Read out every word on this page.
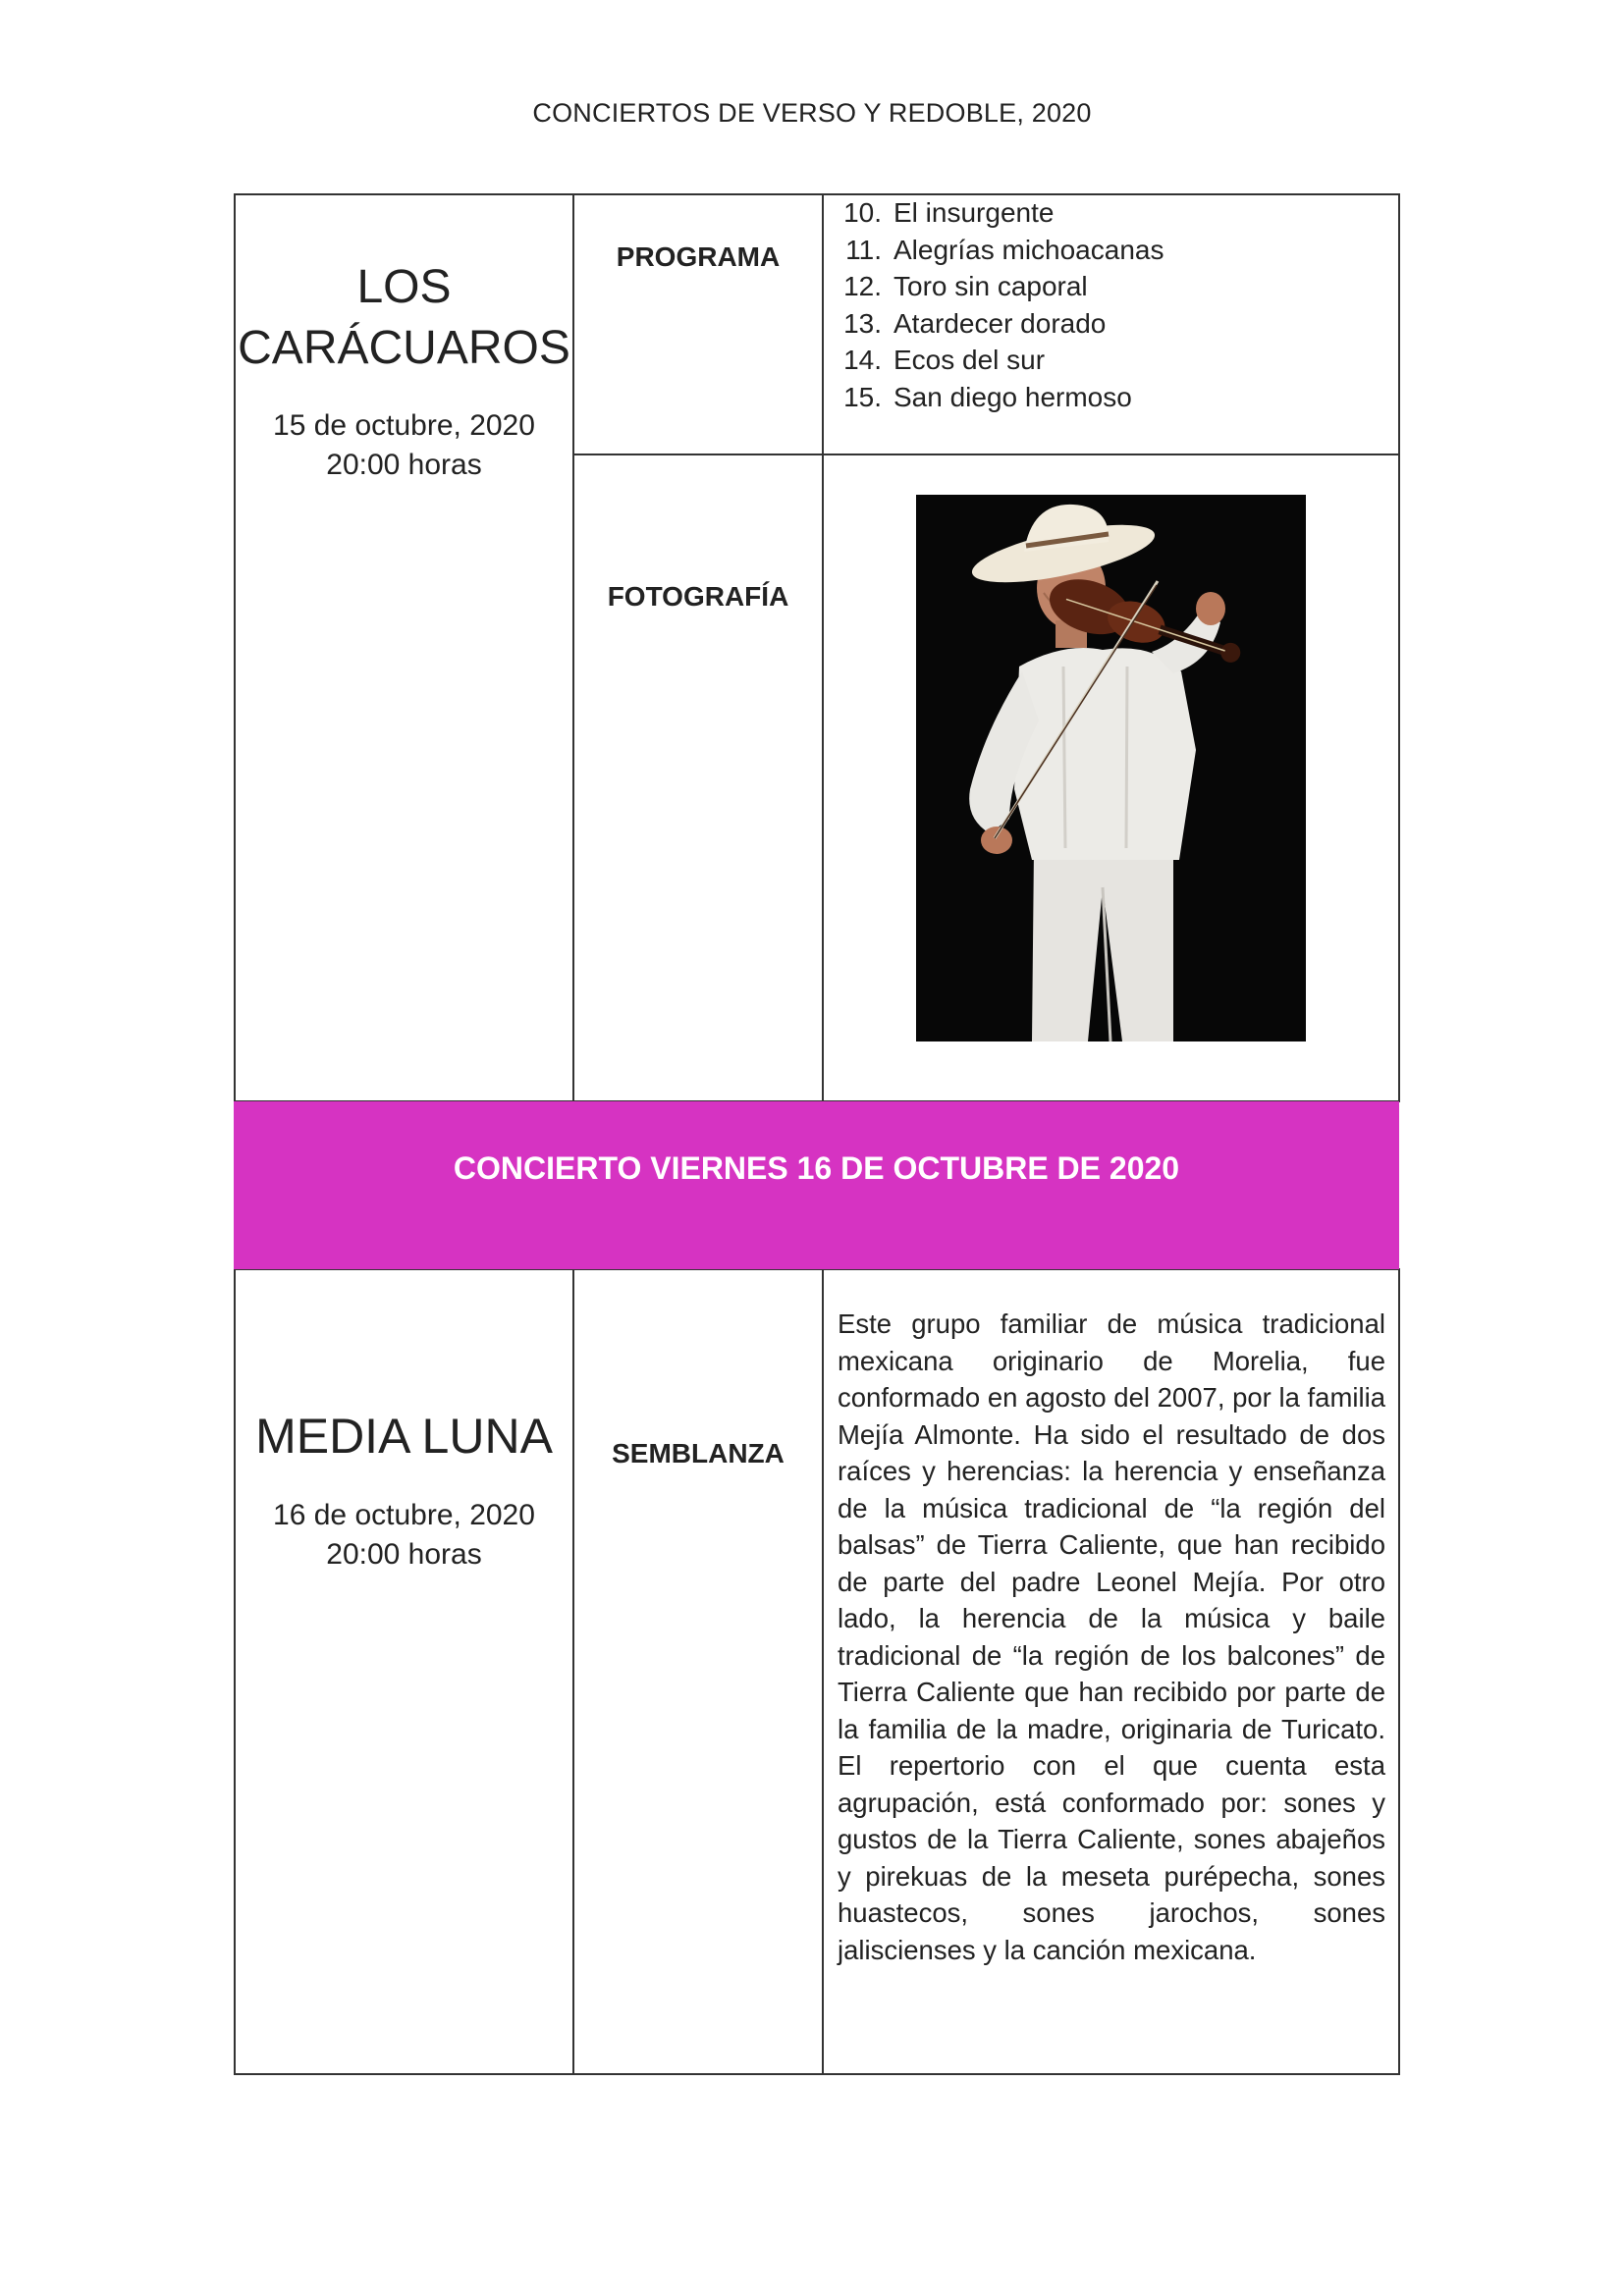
CONCIERTOS DE VERSO Y REDOBLE, 2020
LOS
CARÁCUAROS
15 de octubre, 2020
20:00 horas
PROGRAMA
10. El insurgente
11. Alegrías michoacanas
12. Toro sin caporal
13. Atardecer dorado
14. Ecos del sur
15. San diego hermoso
FOTOGRAFÍA
CONCIERTO VIERNES 16 DE OCTUBRE DE 2020
MEDIA LUNA
16 de octubre, 2020
20:00 horas
SEMBLANZA

Este grupo familiar de música tradicional mexicana originario de Morelia, fue conformado en agosto del 2007, por la familia Mejía Almonte. Ha sido el resultado de dos raíces y herencias: la herencia y enseñanza de la música tradicional de “la región del balsas” de Tierra Caliente, que han recibido de parte del padre Leonel Mejía. Por otro lado, la herencia de la música y baile tradicional de “la región de los balcones” de Tierra Caliente que han recibido por parte de la familia de la madre, originaria de Turicato. El repertorio con el que cuenta esta agrupación, está conformado por: sones y gustos de la Tierra Caliente, sones abajeños y pirekuas de la meseta purépecha, sones huastecos, sones jarochos, sones jaliscienses y la canción mexicana.
